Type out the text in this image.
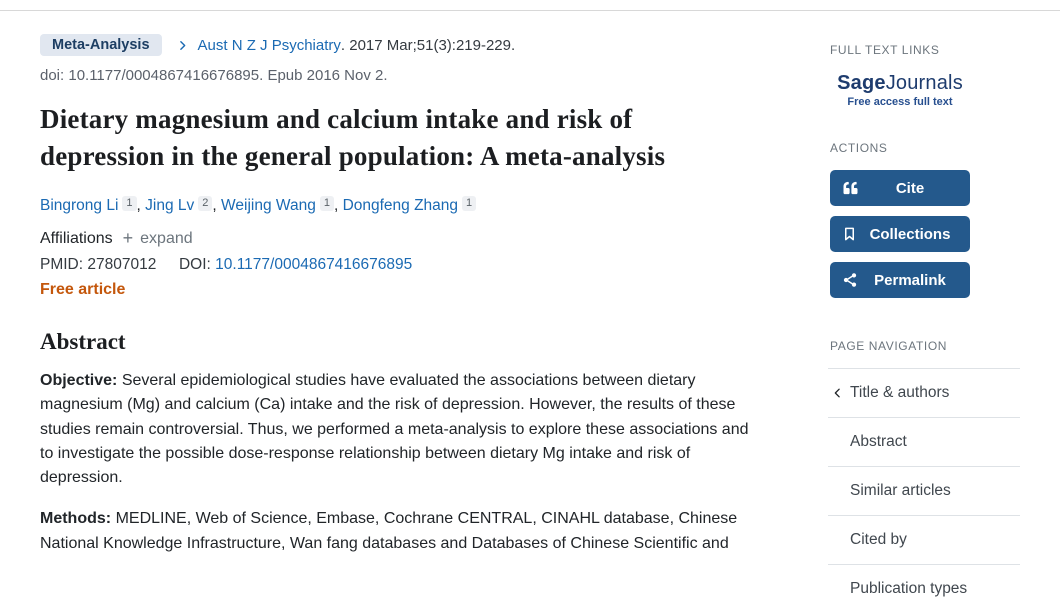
Meta-Analysis	Aust N Z J Psychiatry . 2017 Mar;51(3):219-229.
doi: 10.1177/0004867416676895. Epub 2016 Nov 2.
Dietary magnesium and calcium intake and risk of depression in the general population: A meta-analysis
Bingrong Li 1 , Jing Lv 2 , Weijing Wang 1 , Dongfeng Zhang 1
Affiliations + expand
PMID: 27807012 DOI: 10.1177/0004867416676895
Free article
Abstract

Objective: Several epidemiological studies have evaluated the associations between dietary magnesium (Mg) and calcium (Ca) intake and the risk of depression. However, the results of these studies remain controversial. Thus, we performed a meta-analysis to explore these associations and to investigate the possible dose-response relationship between dietary Mg intake and risk of depression.

Methods: MEDLINE, Web of Science, Embase, Cochrane CENTRAL, CINAHL database, Chinese National Knowledge Infrastructure, Wan fang databases and Databases of Chinese Scientific and

FULL TEXT LINKS
SageJournals
Free access full text
ACTIONS
Cite
Collections
Permalink
PAGE NAVIGATION
Title & authors
Abstract
Similar articles
Cited by
Publication types
